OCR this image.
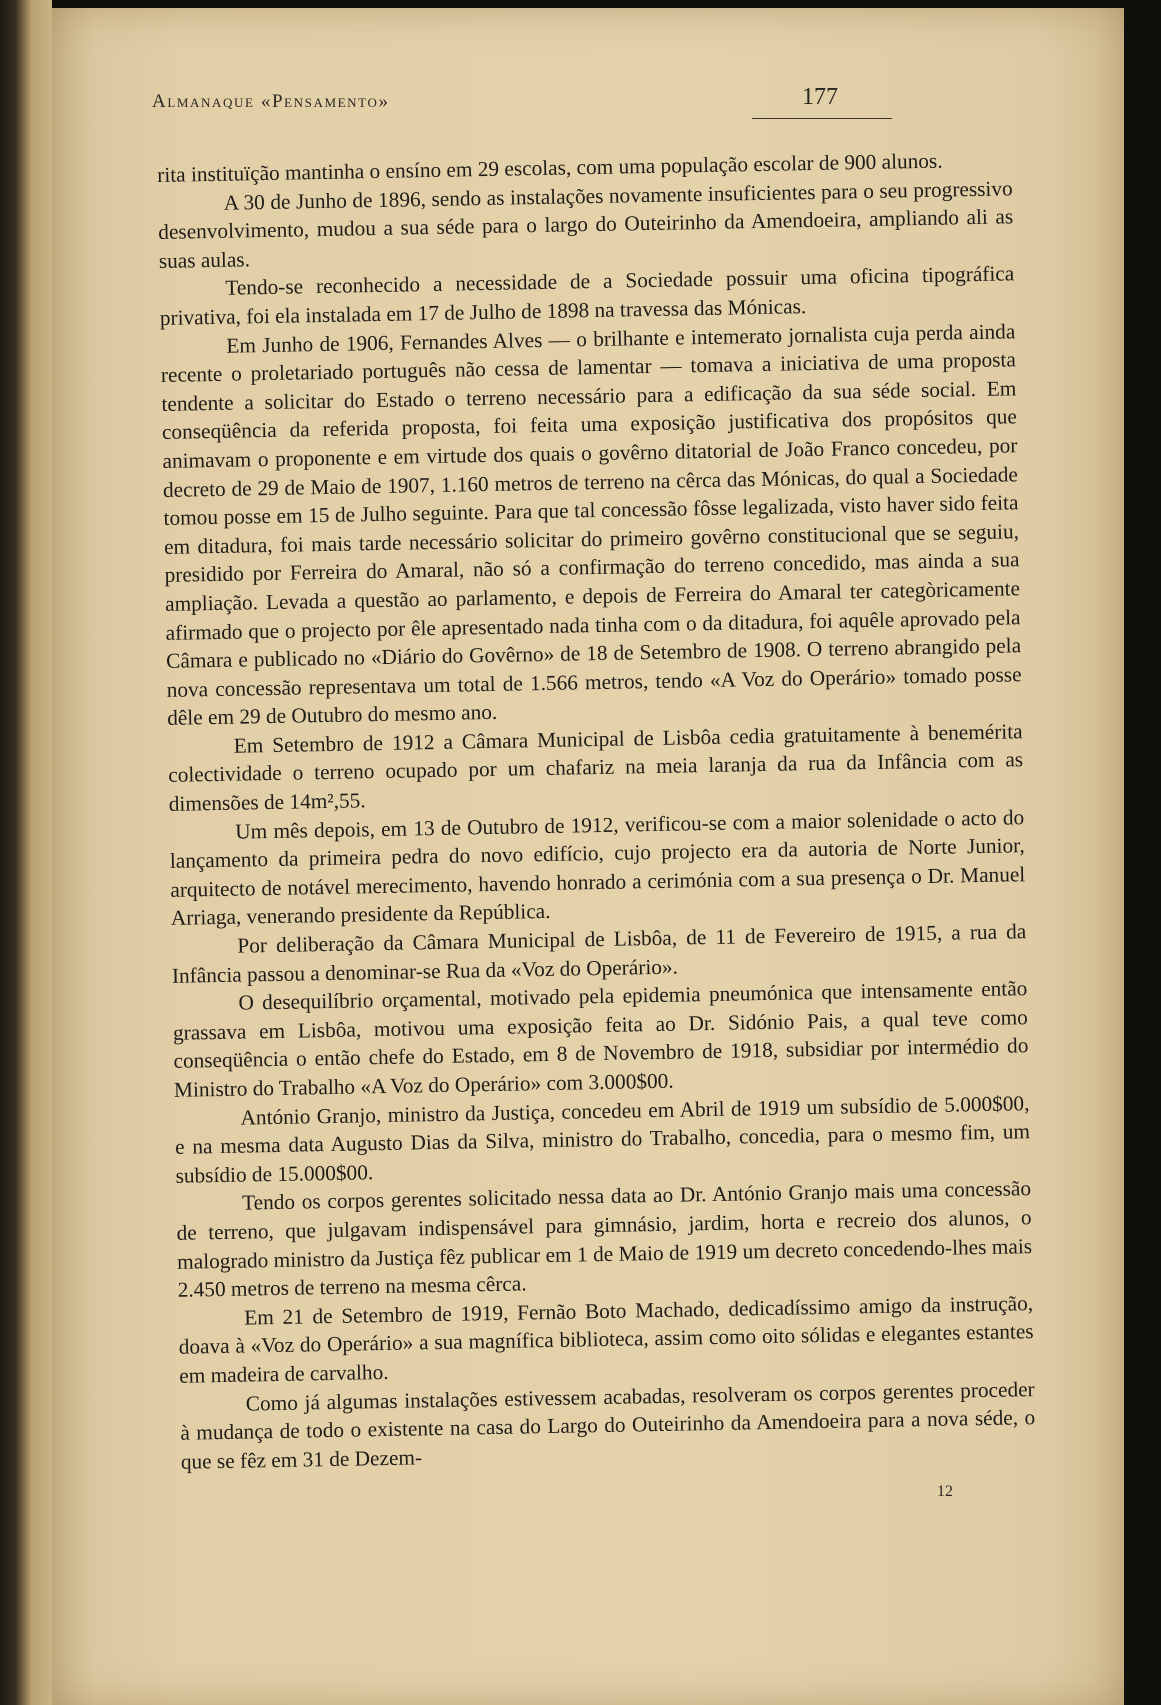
Almanaque «Pensamento»	177

rita instituïção mantinha o ensíno em 29 escolas, com uma população escolar de 900 alunos.

A 30 de Junho de 1896, sendo as instalações novamente insuficientes para o seu progressivo desenvolvimento, mudou a sua séde para o largo do Outeirinho da Amendoeira, ampliando ali as suas aulas.

Tendo-se reconhecido a necessidade de a Sociedade possuir uma oficina tipográfica privativa, foi ela instalada em 17 de Julho de 1898 na travessa das Mónicas.

Em Junho de 1906, Fernandes Alves — o brilhante e intemerato jornalista cuja perda ainda recente o proletariado português não cessa de lamentar — tomava a iniciativa de uma proposta tendente a solicitar do Estado o terreno necessário para a edificação da sua séde social. Em conseqüência da referida proposta, foi feita uma exposição justificativa dos propósitos que animavam o proponente e em virtude dos quais o govêrno ditatorial de João Franco concedeu, por decreto de 29 de Maio de 1907, 1.160 metros de terreno na cêrca das Mónicas, do qual a Sociedade tomou posse em 15 de Julho seguinte. Para que tal concessão fôsse legalizada, visto haver sido feita em ditadura, foi mais tarde necessário solicitar do primeiro govêrno constitucional que se seguiu, presidido por Ferreira do Amaral, não só a confirmação do terreno concedido, mas ainda a sua ampliação. Levada a questão ao parlamento, e depois de Ferreira do Amaral ter categòricamente afirmado que o projecto por êle apresentado nada tinha com o da ditadura, foi aquêle aprovado pela Câmara e publicado no «Diário do Govêrno» de 18 de Setembro de 1908. O terreno abrangido pela nova concessão representava um total de 1.566 metros, tendo «A Voz do Operário» tomado posse dêle em 29 de Outubro do mesmo ano.

Em Setembro de 1912 a Câmara Municipal de Lisbôa cedia gratuitamente à benemérita colectividade o terreno ocupado por um chafariz na meia laranja da rua da Infância com as dimensões de 14m²,55.

Um mês depois, em 13 de Outubro de 1912, verificou-se com a maior solenidade o acto do lançamento da primeira pedra do novo edifício, cujo projecto era da autoria de Norte Junior, arquitecto de notável merecimento, havendo honrado a cerimónia com a sua presença o Dr. Manuel Arriaga, venerando presidente da República.

Por deliberação da Câmara Municipal de Lisbôa, de 11 de Fevereiro de 1915, a rua da Infância passou a denominar-se Rua da «Voz do Operário».

O desequilíbrio orçamental, motivado pela epidemia pneumónica que intensamente então grassava em Lisbôa, motivou uma exposição feita ao Dr. Sidónio Pais, a qual teve como conseqüência o então chefe do Estado, em 8 de Novembro de 1918, subsidiar por intermédio do Ministro do Trabalho «A Voz do Operário» com 3.000$00.

António Granjo, ministro da Justiça, concedeu em Abril de 1919 um subsídio de 5.000$00, e na mesma data Augusto Dias da Silva, ministro do Trabalho, concedia, para o mesmo fim, um subsídio de 15.000$00.

Tendo os corpos gerentes solicitado nessa data ao Dr. António Granjo mais uma concessão de terreno, que julgavam indispensável para gimnásio, jardim, horta e recreio dos alunos, o malogrado ministro da Justiça fêz publicar em 1 de Maio de 1919 um decreto concedendo-lhes mais 2.450 metros de terreno na mesma cêrca.

Em 21 de Setembro de 1919, Fernão Boto Machado, dedicadíssimo amigo da instrução, doava à «Voz do Operário» a sua magnífica biblioteca, assim como oito sólidas e elegantes estantes em madeira de carvalho.

Como já algumas instalações estivessem acabadas, resolveram os corpos gerentes proceder à mudança de todo o existente na casa do Largo do Outeirinho da Amendoeira para a nova séde, o que se fêz em 31 de Dezem-

12
